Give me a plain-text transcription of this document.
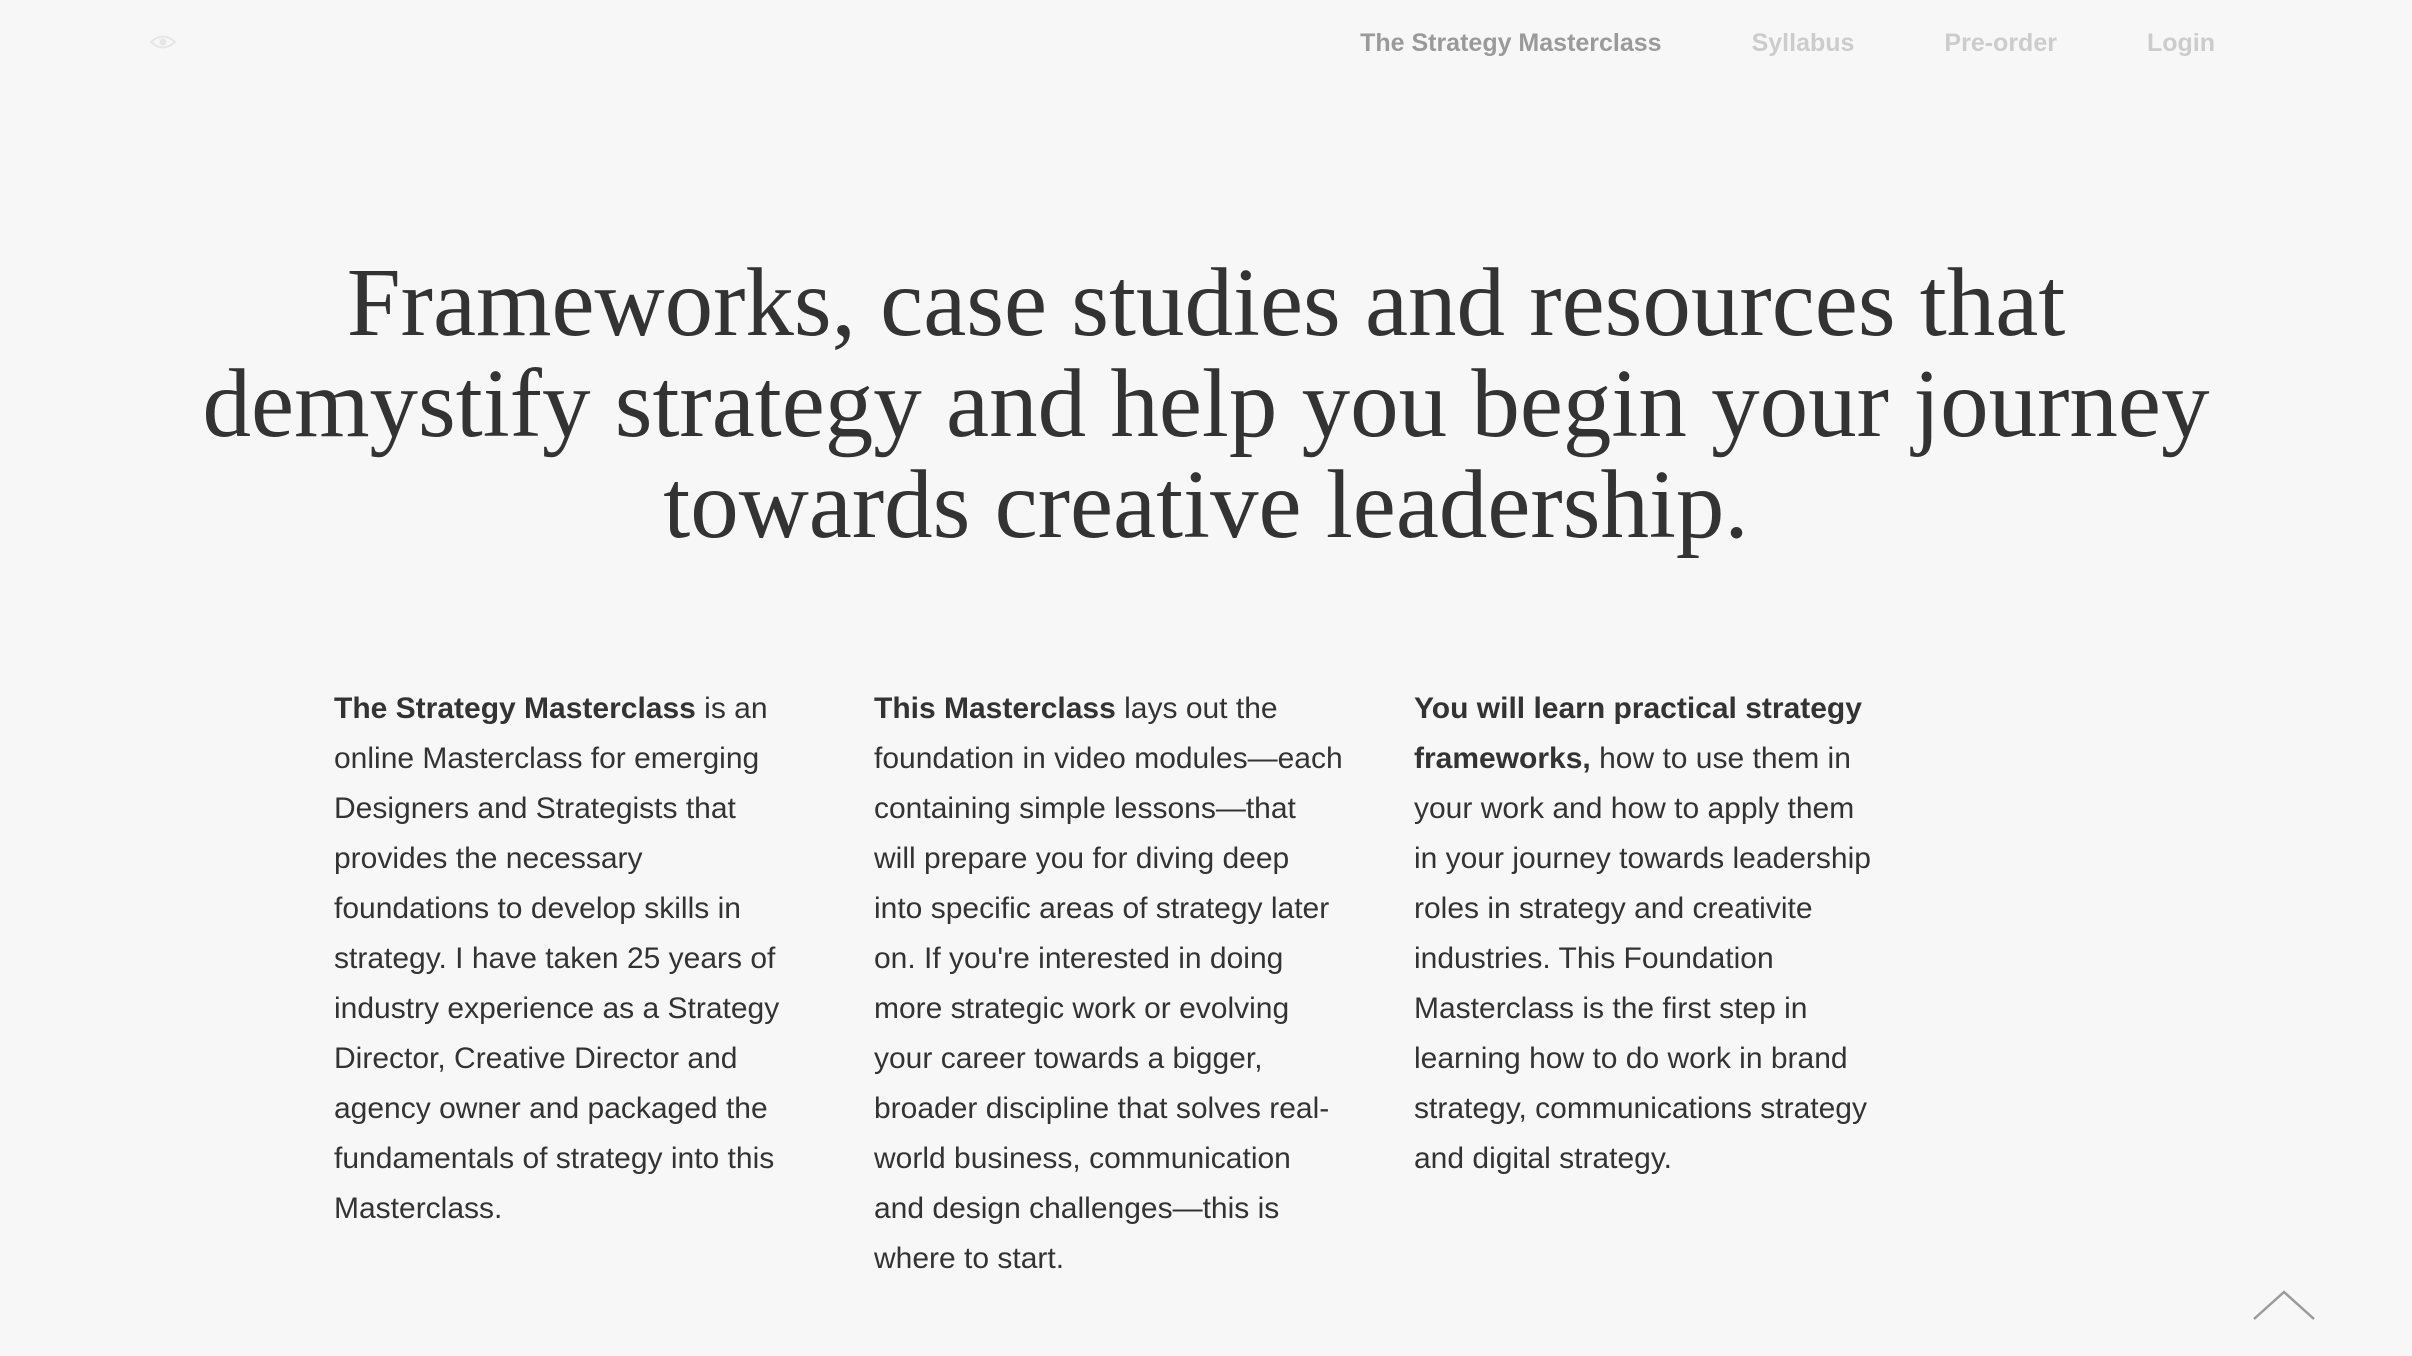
The Strategy Masterclass	Syllabus	Pre-order	Login
Frameworks, case studies and resources that demystify strategy and help you begin your journey towards creative leadership.

The Strategy Masterclass is an online Masterclass for emerging Designers and Strategists that provides the necessary foundations to develop skills in strategy. I have taken 25 years of industry experience as a Strategy Director, Creative Director and agency owner and packaged the fundamentals of strategy into this Masterclass.

This Masterclass lays out the foundation in video modules—each containing simple lessons—that will prepare you for diving deep into specific areas of strategy later on. If you're interested in doing more strategic work or evolving your career towards a bigger, broader discipline that solves real-world business, communication and design challenges—this is where to start.

You will learn practical strategy frameworks, how to use them in your work and how to apply them in your journey towards leadership roles in strategy and creativite industries. This Foundation Masterclass is the first step in learning how to do work in brand strategy, communications strategy and digital strategy.
